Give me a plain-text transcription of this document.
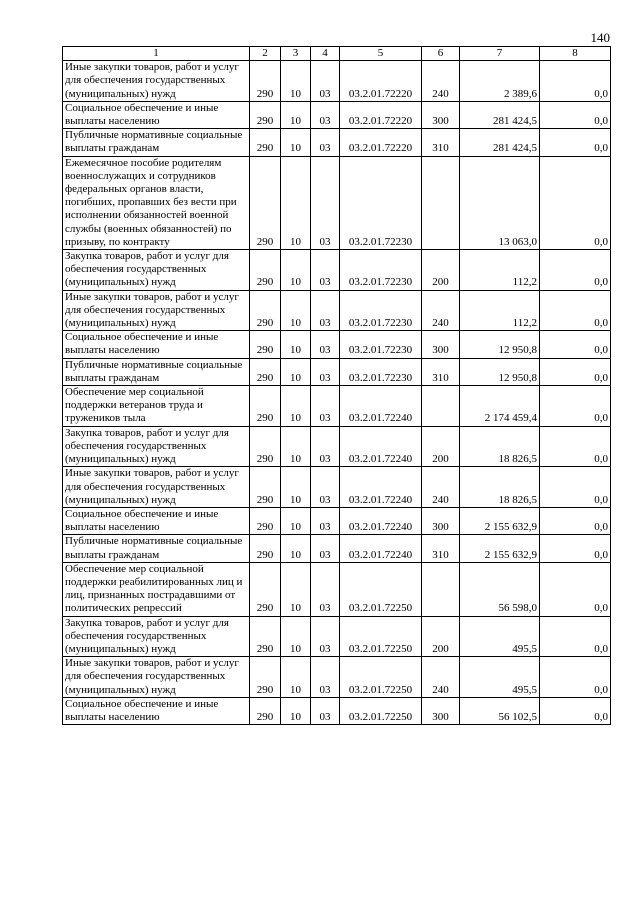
140
1	2	3	4	5	6	7	8
Иные закупки товаров, работ и услуг для обеспечения государственных (муниципальных) нужд	290	10	03	03.2.01.72220	240	2 389,6	0,0
Социальное обеспечение и иные выплаты населению	290	10	03	03.2.01.72220	300	281 424,5	0,0
Публичные нормативные социальные выплаты гражданам	290	10	03	03.2.01.72220	310	281 424,5	0,0
Ежемесячное пособие родителям военнослужащих и сотрудников федеральных органов власти, погибших, пропавших без вести при исполнении обязанностей военной службы (военных обязанностей) по призыву, по контракту	290	10	03	03.2.01.72230		13 063,0	0,0
Закупка товаров, работ и услуг для обеспечения государственных (муниципальных) нужд	290	10	03	03.2.01.72230	200	112,2	0,0
Иные закупки товаров, работ и услуг для обеспечения государственных (муниципальных) нужд	290	10	03	03.2.01.72230	240	112,2	0,0
Социальное обеспечение и иные выплаты населению	290	10	03	03.2.01.72230	300	12 950,8	0,0
Публичные нормативные социальные выплаты гражданам	290	10	03	03.2.01.72230	310	12 950,8	0,0
Обеспечение мер социальной поддержки ветеранов труда и тружеников тыла	290	10	03	03.2.01.72240		2 174 459,4	0,0
Закупка товаров, работ и услуг для обеспечения государственных (муниципальных) нужд	290	10	03	03.2.01.72240	200	18 826,5	0,0
Иные закупки товаров, работ и услуг для обеспечения государственных (муниципальных) нужд	290	10	03	03.2.01.72240	240	18 826,5	0,0
Социальное обеспечение и иные выплаты населению	290	10	03	03.2.01.72240	300	2 155 632,9	0,0
Публичные нормативные социальные выплаты гражданам	290	10	03	03.2.01.72240	310	2 155 632,9	0,0
Обеспечение мер социальной поддержки реабилитированных лиц и лиц, признанных пострадавшими от политических репрессий	290	10	03	03.2.01.72250		56 598,0	0,0
Закупка товаров, работ и услуг для обеспечения государственных (муниципальных) нужд	290	10	03	03.2.01.72250	200	495,5	0,0
Иные закупки товаров, работ и услуг для обеспечения государственных (муниципальных) нужд	290	10	03	03.2.01.72250	240	495,5	0,0
Социальное обеспечение и иные выплаты населению	290	10	03	03.2.01.72250	300	56 102,5	0,0
